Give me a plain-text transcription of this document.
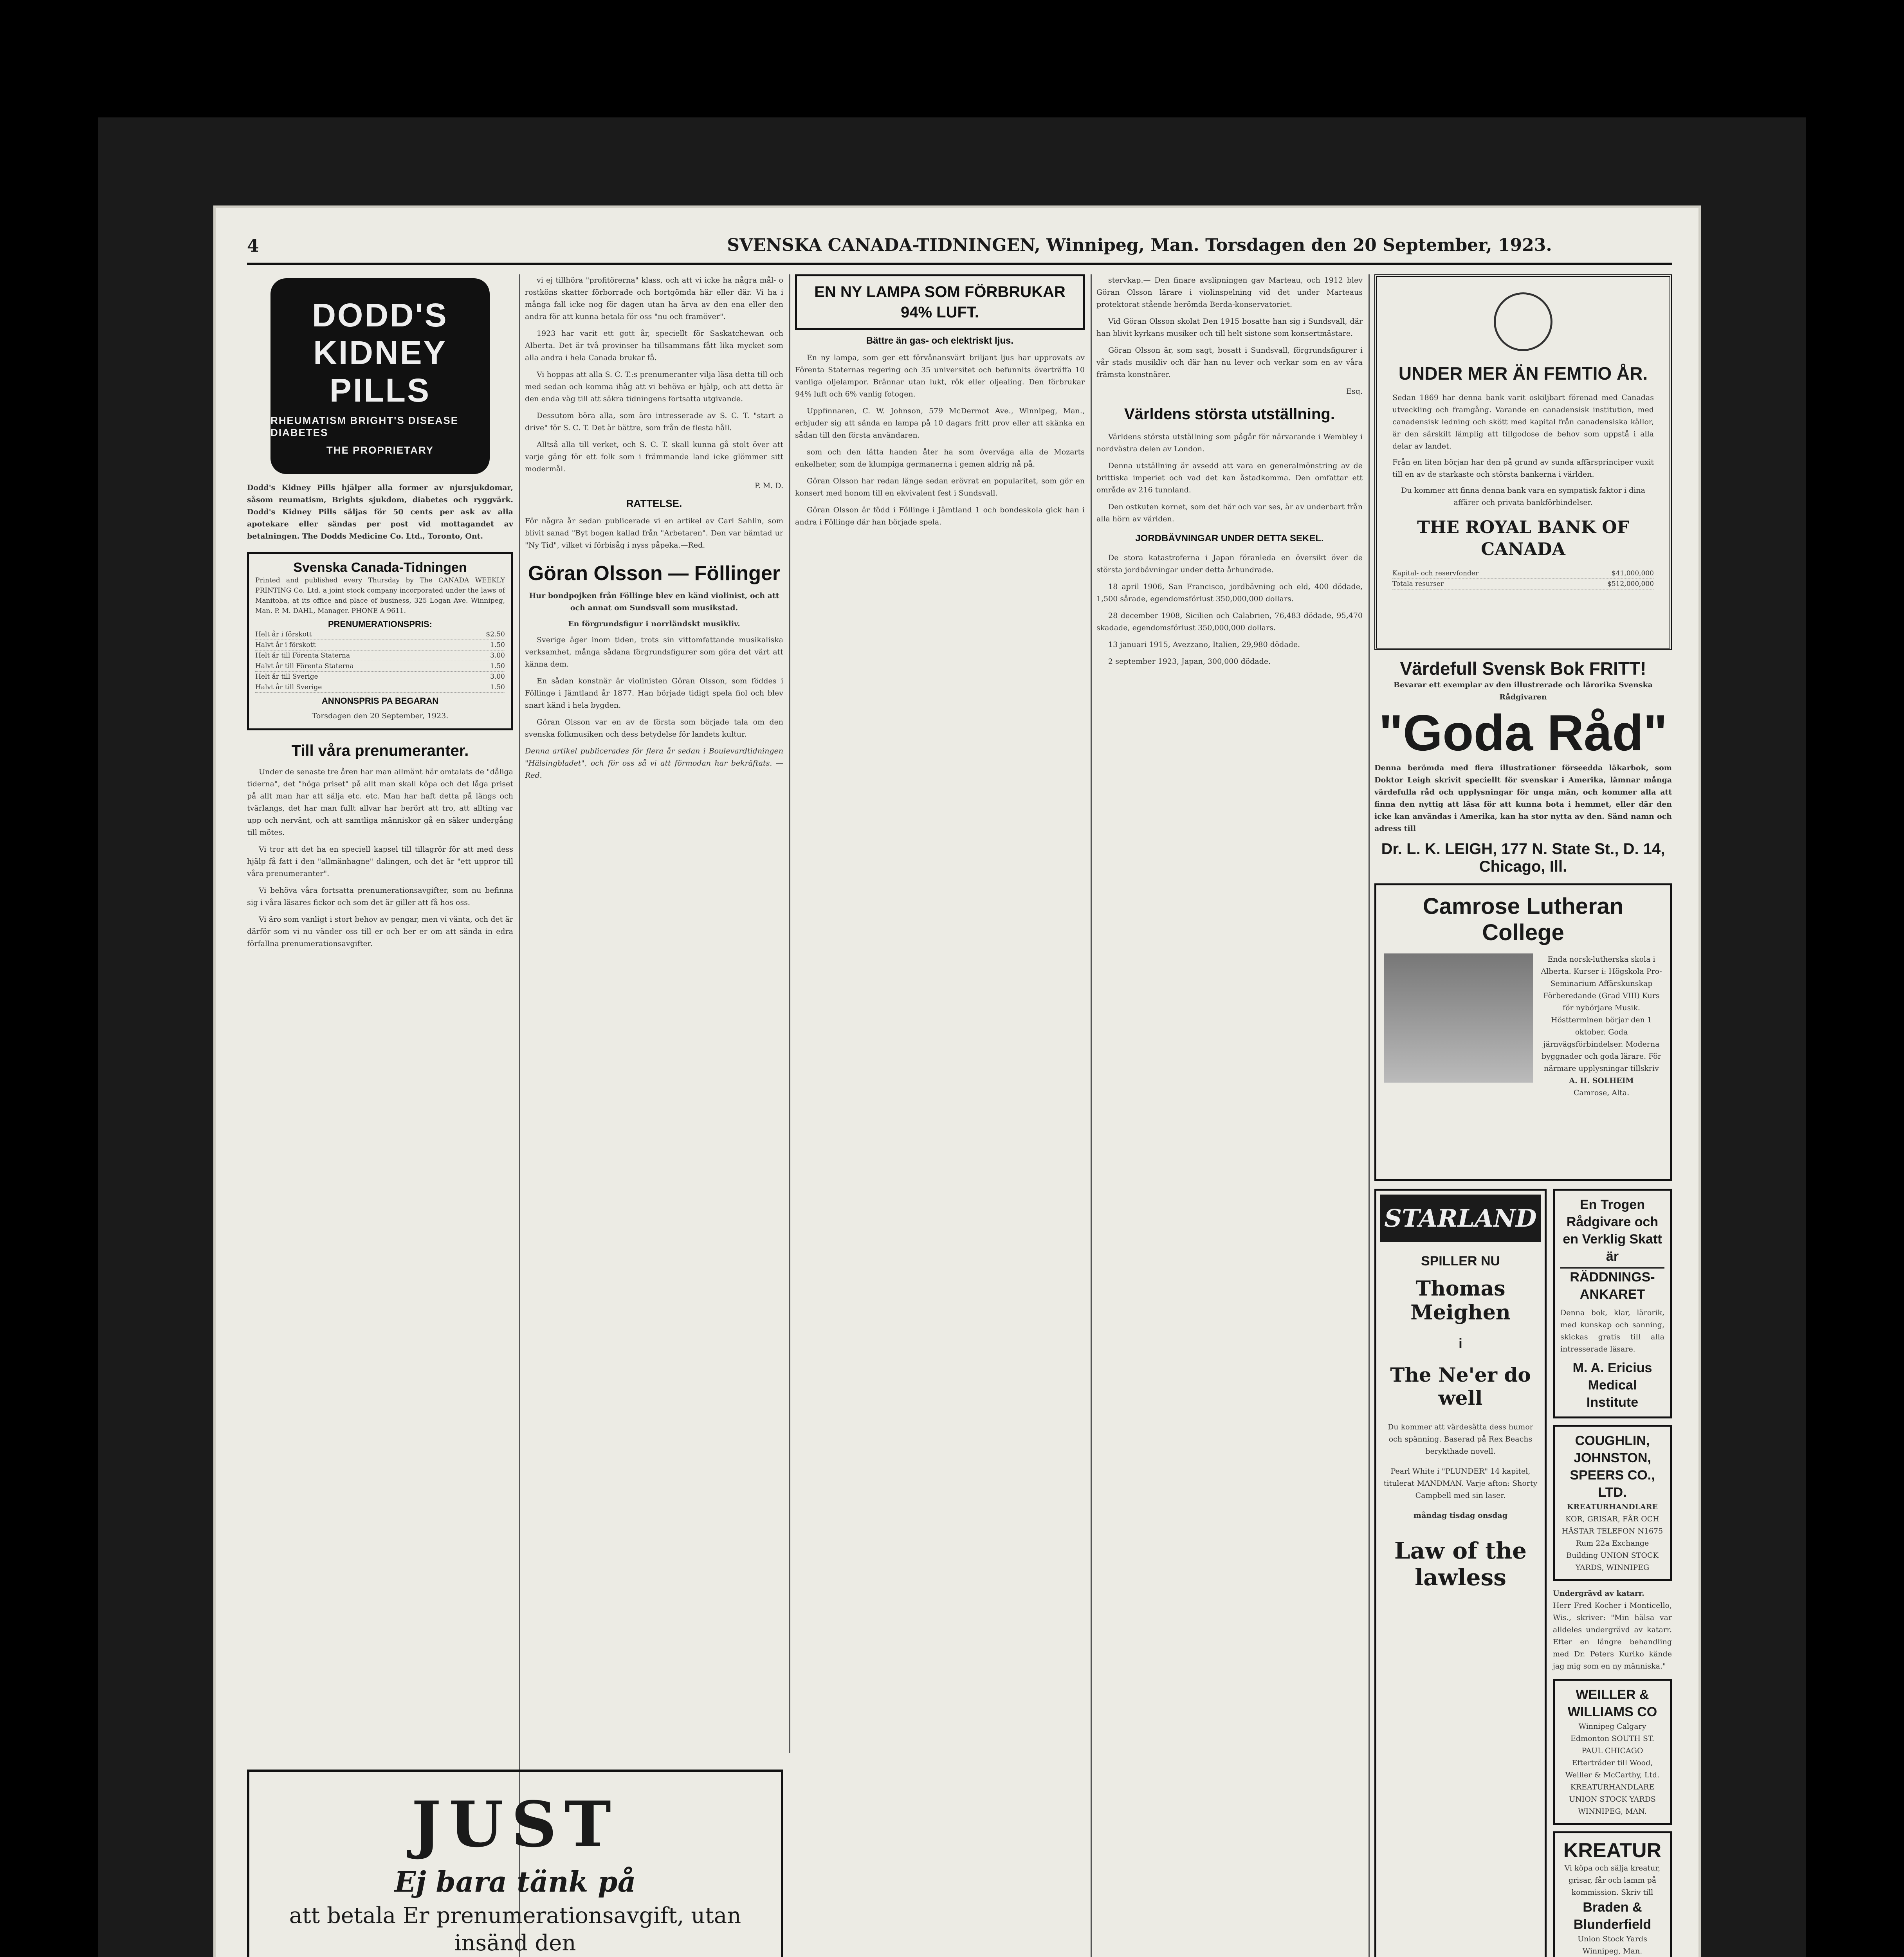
4	SVENSKA CANADA-TIDNINGEN, Winnipeg, Man. Torsdagen den 20 September, 1923.
DODD'S
KIDNEY
PILLS
RHEUMATISM BRIGHT'S DISEASE DIABETES
THE PROPRIETARY
Dodd's Kidney Pills hjälper alla former av njursjukdomar, såsom reumatism, Brights sjukdom, diabetes och ryggvärk. Dodd's Kidney Pills säljas för 50 cents per ask av alla apotekare eller sändas per post vid mottagandet av betalningen. The Dodds Medicine Co. Ltd., Toronto, Ont.
Svenska Canada-Tidningen
Printed and published every Thursday by The CANADA WEEKLY PRINTING Co. Ltd. a joint stock company incorporated under the laws of Manitoba, at its office and place of business, 325 Logan Ave. Winnipeg, Man. P. M. DAHL, Manager. PHONE A 9611.
PRENUMERATIONSPRIS:
Helt år i förskott	$2.50
Halvt år i förskott	1.50
Helt år till Förenta Staterna	3.00
Halvt år till Förenta Staterna	1.50
Helt år till Sverige	3.00
Halvt år till Sverige	1.50
ANNONSPRIS PA BEGARAN
Torsdagen den 20 September, 1923.
Till våra prenumeranter.

Under de senaste tre åren har man allmänt här omtalats de "dåliga tiderna", det "höga priset" på allt man skall köpa och det låga priset på allt man har att sälja etc. etc. Man har haft detta på längs och tvärlangs, det har man fullt allvar har berört att tro, att allting var upp och nervänt, och att samtliga människor gå en säker undergång till mötes.

Vi tror att det ha en speciell kapsel till tillagrör för att med dess hjälp få fatt i den "allmänhagne" dalingen, och det är "ett uppror till våra prenumeranter".

Vi behöva våra fortsatta prenumerationsavgifter, som nu befinna sig i våra läsares fickor och som det är giller att få hos oss.

Vi äro som vanligt i stort behov av pengar, men vi vänta, och det är därför som vi nu vänder oss till er och ber er om att sända in edra förfallna prenumerationsavgifter.

vi ej tillhöra "profitörerna" klass, och att vi icke ha några mål- o rostköns skatter förborrade och bortgömda här eller där. Vi ha i många fall icke nog för dagen utan ha ärva av den ena eller den andra för att kunna betala för oss "nu och framöver".

1923 har varit ett gott år, speciellt för Saskatchewan och Alberta. Det är två provinser ha tillsammans fått lika mycket som alla andra i hela Canada brukar få.

Vi hoppas att alla S. C. T.:s prenumeranter vilja läsa detta till och med sedan och komma ihåg att vi behöva er hjälp, och att detta är den enda väg till att säkra tidningens fortsatta utgivande.

Dessutom böra alla, som äro intresserade av S. C. T. "start a drive" för S. C. T. Det är bättre, som från de flesta håll.

Alltså alla till verket, och S. C. T. skall kunna gå stolt över att varje gäng för ett folk som i främmande land icke glömmer sitt modermål.

P. M. D.
RATTELSE.
För några år sedan publicerade vi en artikel av Carl Sahlin, som blivit sanad "Byt bogen kallad från "Arbetaren". Den var hämtad ur "Ny Tid", vilket vi förbisåg i nyss påpeka.—Red.
Göran Olsson — Föllinger
Hur bondpojken från Föllinge blev en känd violinist, och att och annat om Sundsvall som musikstad.
En förgrundsfigur i norrländskt musikliv.

Sverige äger inom tiden, trots sin vittomfattande musikaliska verksamhet, många sådana förgrundsfigurer som göra det värt att känna dem.

En sådan konstnär är violinisten Göran Olsson, som föddes i Föllinge i Jämtland år 1877. Han började tidigt spela fiol och blev snart känd i hela bygden.

Göran Olsson var en av de första som började tala om den svenska folkmusiken och dess betydelse för landets kultur.

Denna artikel publicerades för flera år sedan i Boulevardtidningen "Hälsingbladet", och för oss så vi att förmodan har bekräftats. — Red.
JUST
Ej bara tänk på
att betala Er prenumerationsavgift, utan insänd den
EN NY LAMPA SOM FÖRBRUKAR 94% LUFT.
Bättre än gas- och elektriskt ljus.

En ny lampa, som ger ett förvånansvärt briljant ljus har upprovats av Förenta Staternas regering och 35 universitet och befunnits överträffa 10 vanliga oljelampor. Brännar utan lukt, rök eller oljealing. Den förbrukar 94% luft och 6% vanlig fotogen.

Uppfinnaren, C. W. Johnson, 579 McDermot Ave., Winnipeg, Man., erbjuder sig att sända en lampa på 10 dagars fritt prov eller att skänka en sådan till den första användaren.

som och den lätta handen åter ha som överväga alla de Mozarts enkelheter, som de klumpiga germanerna i gemen aldrig nå på.

Göran Olsson har redan länge sedan erövrat en popularitet, som gör en konsert med honom till en ekvivalent fest i Sundsvall.

Göran Olsson är född i Föllinge i Jämtland 1 och bondeskola gick han i andra i Föllinge där han började spela.

stervkap.— Den finare avslipningen gav Marteau, och 1912 blev Göran Olsson lärare i violinspelning vid det under Marteaus protektorat stående berömda Berda-konservatoriet.

Vid Göran Olsson skolat Den 1915 bosatte han sig i Sundsvall, där han blivit kyrkans musiker och till helt sistone som konsertmästare.

Göran Olsson är, som sagt, bosatt i Sundsvall, förgrundsfigurer i vår stads musikliv och där han nu lever och verkar som en av våra främsta konstnärer.

Esq.
Världens största utställning.

Världens största utställning som pågår för närvarande i Wembley i nordvästra delen av London.

Denna utställning är avsedd att vara en generalmönstring av de brittiska imperiet och vad det kan åstadkomma. Den omfattar ett område av 216 tunnland.

Den ostkuten kornet, som det här och var ses, är av underbart från alla hörn av världen.

JORDBÄVNINGAR UNDER DETTA SEKEL.

De stora katastroferna i Japan föranleda en översikt över de största jordbävningar under detta århundrade.

18 april 1906, San Francisco, jordbävning och eld, 400 dödade, 1,500 sårade, egendomsförlust 350,000,000 dollars.

28 december 1908, Sicilien och Calabrien, 76,483 dödade, 95,470 skadade, egendomsförlust 350,000,000 dollars.

13 januari 1915, Avezzano, Italien, 29,980 dödade.

2 september 1923, Japan, 300,000 dödade.

UNDER MER ÄN FEMTIO ÅR.
Sedan 1869 har denna bank varit oskiljbart förenad med Canadas utveckling och framgång. Varande en canadensisk institution, med canadensisk ledning och skött med kapital från canadensiska källor, är den särskilt lämplig att tillgodose de behov som uppstå i alla delar av landet.
Från en liten början har den på grund av sunda affärsprinciper vuxit till en av de starkaste och största bankerna i världen.
Du kommer att finna denna bank vara en sympatisk faktor i dina affärer och privata bankförbindelser.
THE ROYAL BANK OF CANADA
Kapital- och reservfonder	$41,000,000
Totala resurser	$512,000,000
Värdefull Svensk Bok FRITT!
Bevarar ett exemplar av den illustrerade och lärorika Svenska Rådgivaren
"Goda Råd"
Denna berömda med flera illustrationer förseedda läkarbok, som Doktor Leigh skrivit speciellt för svenskar i Amerika, lämnar många värdefulla råd och upplysningar för unga män, och kommer alla att finna den nyttig att läsa för att kunna bota i hemmet, eller där den icke kan användas i Amerika, kan ha stor nytta av den. Sänd namn och adress till
Dr. L. K. LEIGH, 177 N. State St., D. 14, Chicago, Ill.
Camrose Lutheran College
Enda norsk-lutherska skola i Alberta. Kurser i: Högskola Pro-Seminarium Affärskunskap Förberedande (Grad VIII) Kurs för nybörjare Musik. Höstterminen börjar den 1 oktober. Goda järnvägsförbindelser. Moderna byggnader och goda lärare. För närmare upplysningar tillskriv
A. H. SOLHEIM
Camrose, Alta.
STARLAND
SPILLER NU
Thomas Meighen
i
The Ne'er do well
Du kommer att värdesätta dess humor och spänning. Baserad på Rex Beachs berykthade novell.
Pearl White i "PLUNDER" 14 kapitel, titulerat MANDMAN. Varje afton: Shorty Campbell med sin laser.
måndag tisdag onsdag
Law of the lawless
En Trogen Rådgivare och en Verklig Skatt är
RÄDDNINGS-ANKARET
Denna bok, klar, lärorik, med kunskap och sanning, skickas gratis till alla intresserade läsare.
M. A. Ericius Medical Institute
COUGHLIN, JOHNSTON, SPEERS CO., LTD.
KREATURHANDLARE
KOR, GRISAR, FÅR OCH HÄSTAR TELEFON N1675 Rum 22a Exchange Building UNION STOCK YARDS, WINNIPEG
Undergrävd av katarr.
Herr Fred Kocher i Monticello, Wis., skriver: "Min hälsa var alldeles undergrävd av katarr. Efter en längre behandling med Dr. Peters Kuriko kände jag mig som en ny människa."
WEILLER & WILLIAMS CO
Winnipeg Calgary Edmonton SOUTH ST. PAUL CHICAGO Efterträder till Wood, Weiller & McCarthy, Ltd. KREATURHANDLARE UNION STOCK YARDS WINNIPEG, MAN.
KREATUR
Vi köpa och sälja kreatur, grisar, får och lamm på kommission. Skriv till
Braden & Blunderfield
Union Stock Yards Winnipeg, Man.
